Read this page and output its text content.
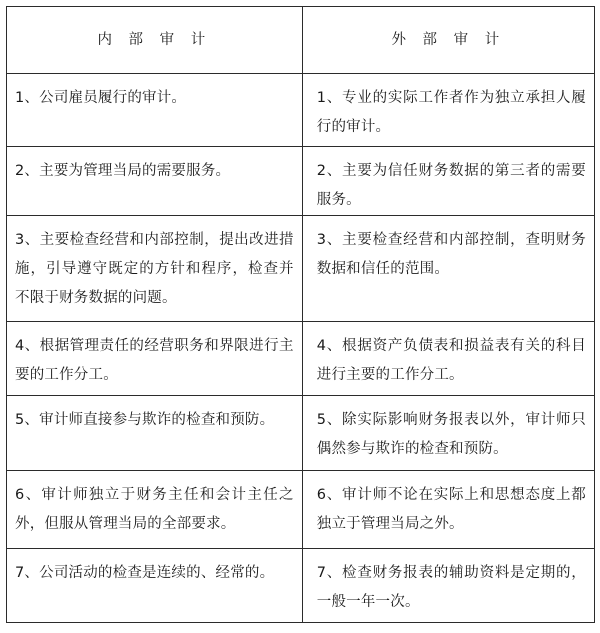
内 部 审 计	外 部 审 计
1、公司雇员履行的审计。	1、专业的实际工作者作为独立承担人履行的审计。
2、主要为管理当局的需要服务。	2、主要为信任财务数据的第三者的需要服务。
3、主要检查经营和内部控制，提出改进措施，引导遵守既定的方针和程序，检查并不限于财务数据的问题。	3、主要检查经营和内部控制，查明财务数据和信任的范围。
4、根据管理责任的经营职务和界限进行主要的工作分工。	4、根据资产负债表和损益表有关的科目进行主要的工作分工。
5、审计师直接参与欺诈的检查和预防。	5、除实际影响财务报表以外，审计师只偶然参与欺诈的检查和预防。
6、审计师独立于财务主任和会计主任之外，但服从管理当局的全部要求。	6、审计师不论在实际上和思想态度上都独立于管理当局之外。
7、公司活动的检查是连续的、经常的。	7、检查财务报表的辅助资料是定期的，一般一年一次。
